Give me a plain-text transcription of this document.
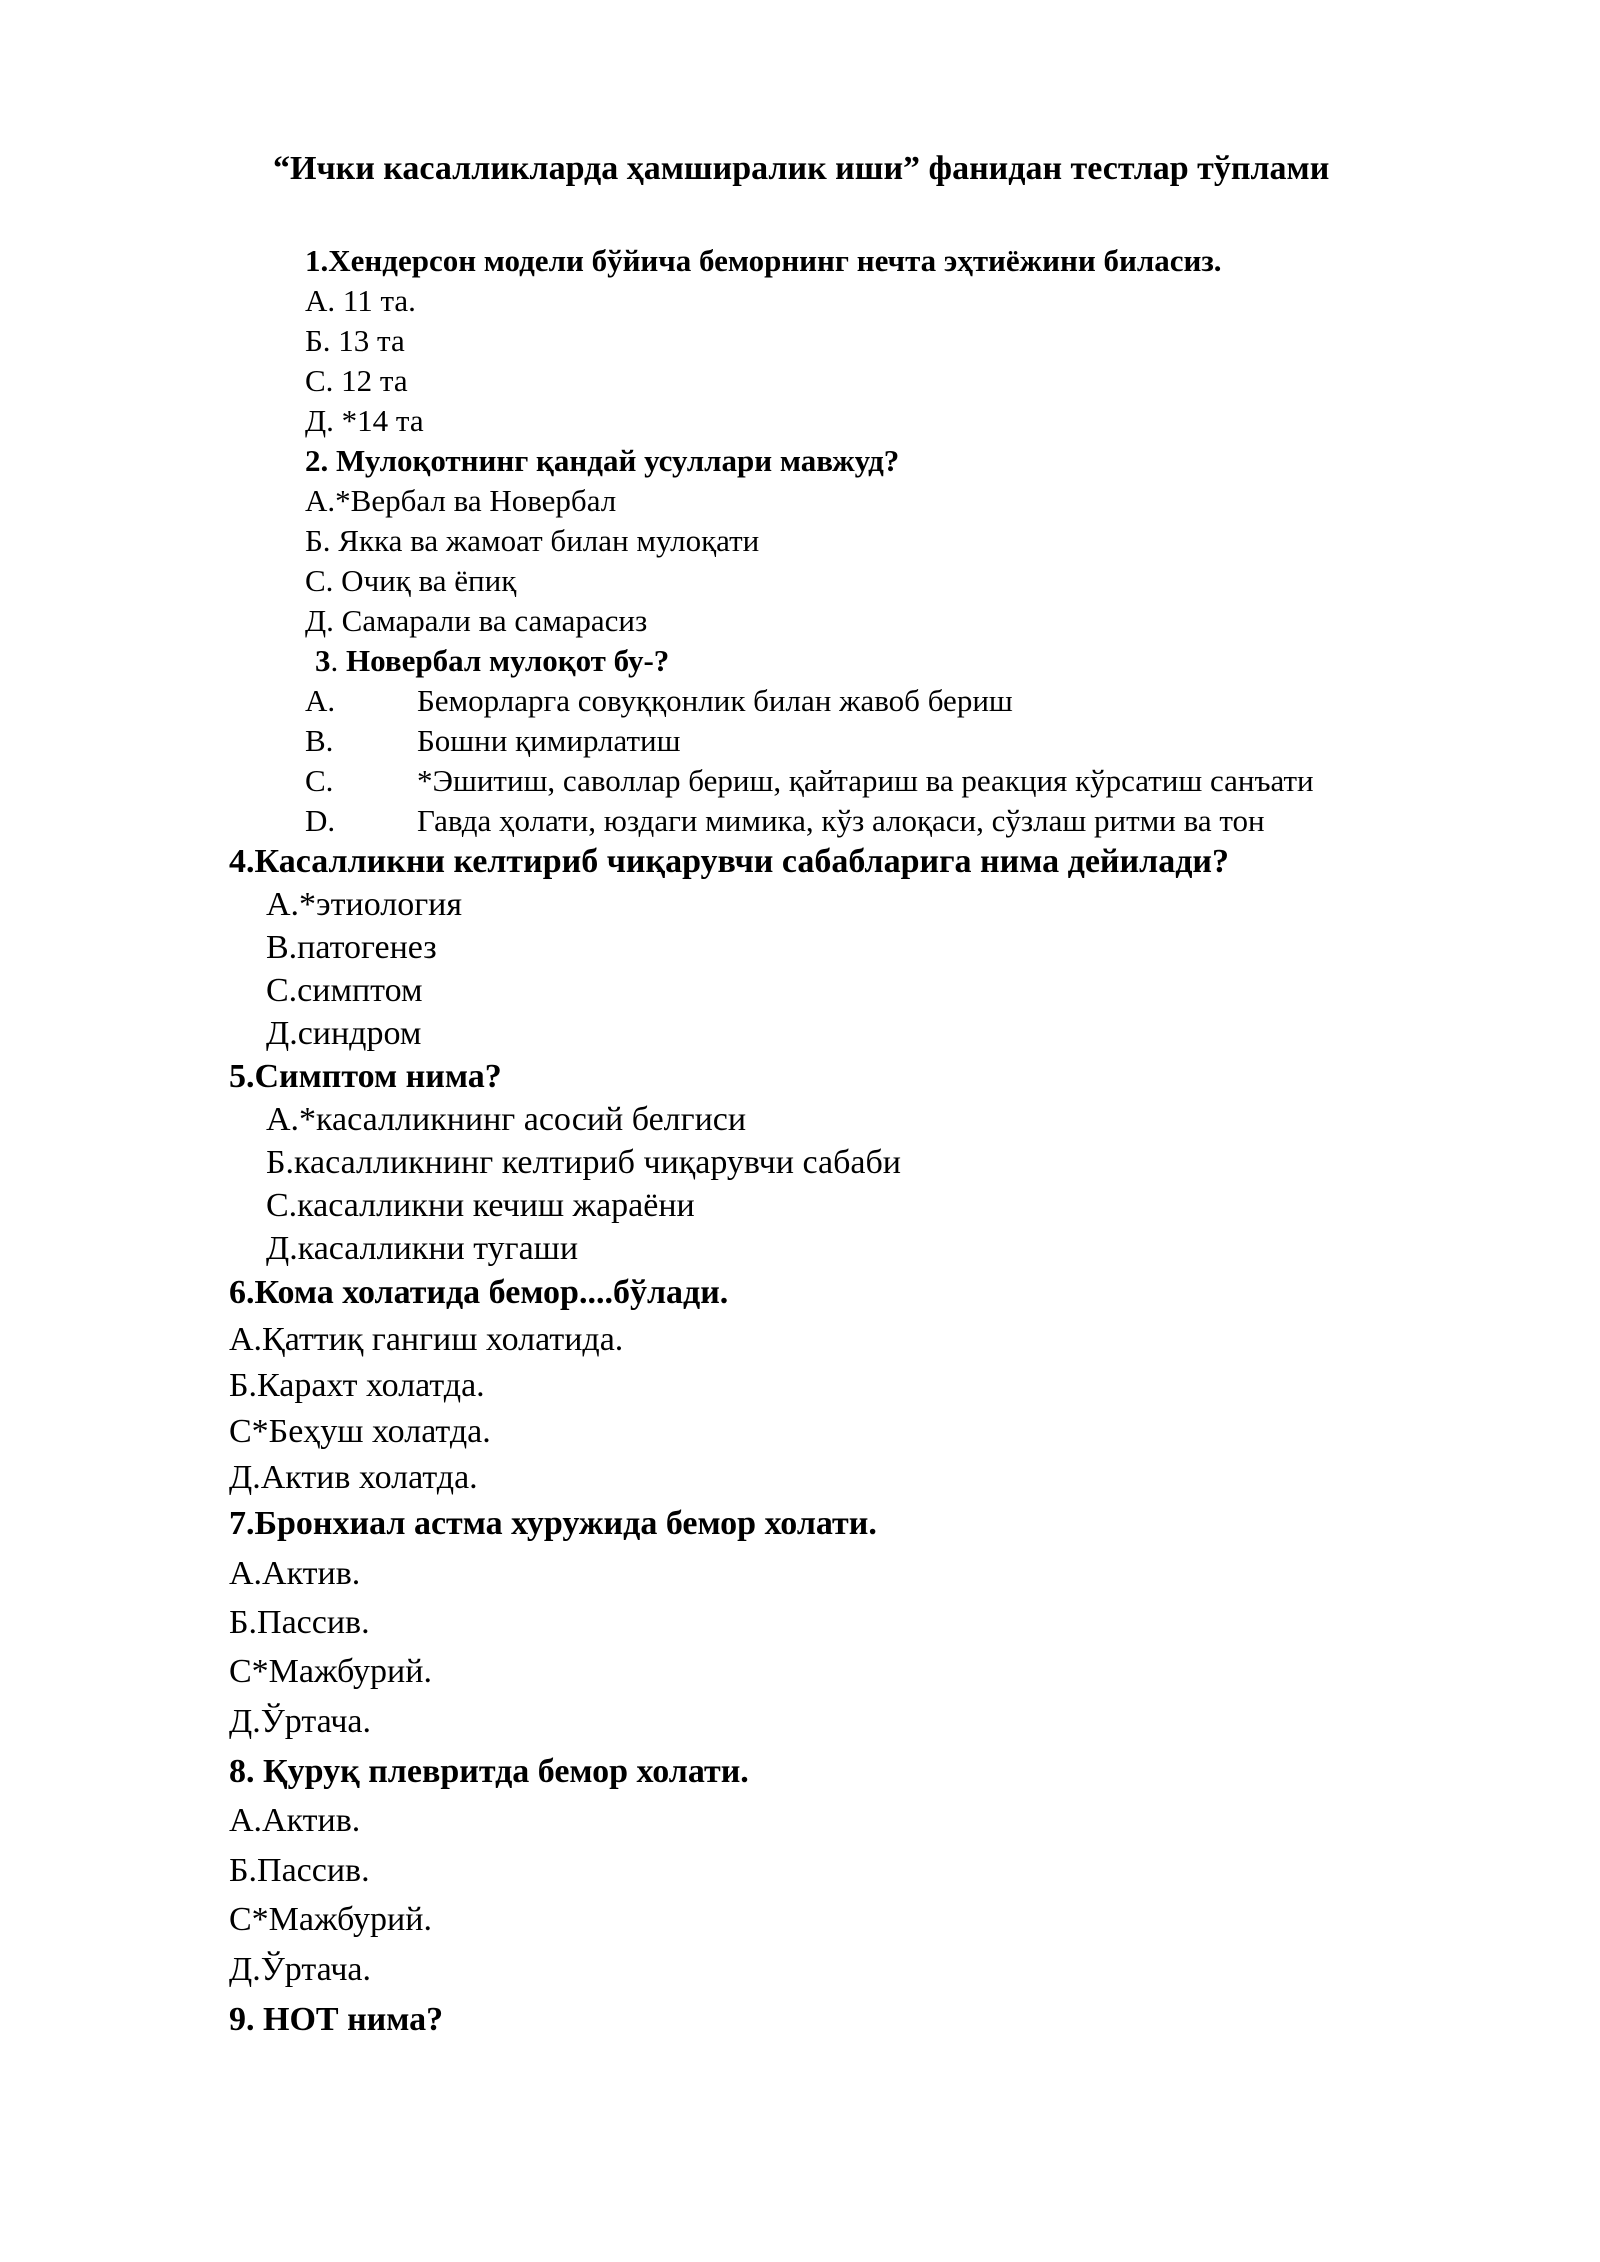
“Ички касалликларда ҳамширалик иши” фанидан тестлар тўплами
1.Хендерсон модели бўйича беморнинг нечта эҳтиёжини биласиз.
А. 11 та.
Б. 13 та
С. 12 та
Д. *14 та
2. Мулоқотнинг қандай усуллари мавжуд?
А.*Вербал ва Новербал
Б. Якка ва жамоат билан мулоқати
С. Очиқ ва ёпиқ
Д. Самарали ва самарасиз
3. Новербал мулоқот бу-?
A.	Беморларга совуққонлик билан жавоб бериш
B.	Бошни қимирлатиш
C.	*Эшитиш, саволлар бериш, қайтариш ва реакция кўрсатиш санъати
D.	Гавда ҳолати, юздаги мимика, кўз алоқаси, сўзлаш ритми ва тон
4.Касалликни келтириб чиқарувчи сабабларига нима дейилади?
А.*этиология
В.патогенез
С.симптом
Д.синдром
5.Симптом нима?
А.*касалликнинг асосий белгиси
Б.касалликнинг келтириб чиқарувчи сабаби
С.касалликни кечиш жараёни
Д.касалликни тугаши
6.Кома холатида бемор....бўлади.
А.Қаттиқ гангиш холатида.
Б.Карахт холатда.
С*Беҳуш холатда.
Д.Актив холатда.
7.Бронхиал астма хуружида бемор холати.
А.Актив.
Б.Пассив.
С*Мажбурий.
Д.Ўртача.
8. Қуруқ плевритда бемор холати.
А.Актив.
Б.Пассив.
С*Мажбурий.
Д.Ўртача.
9. НОТ нима?
